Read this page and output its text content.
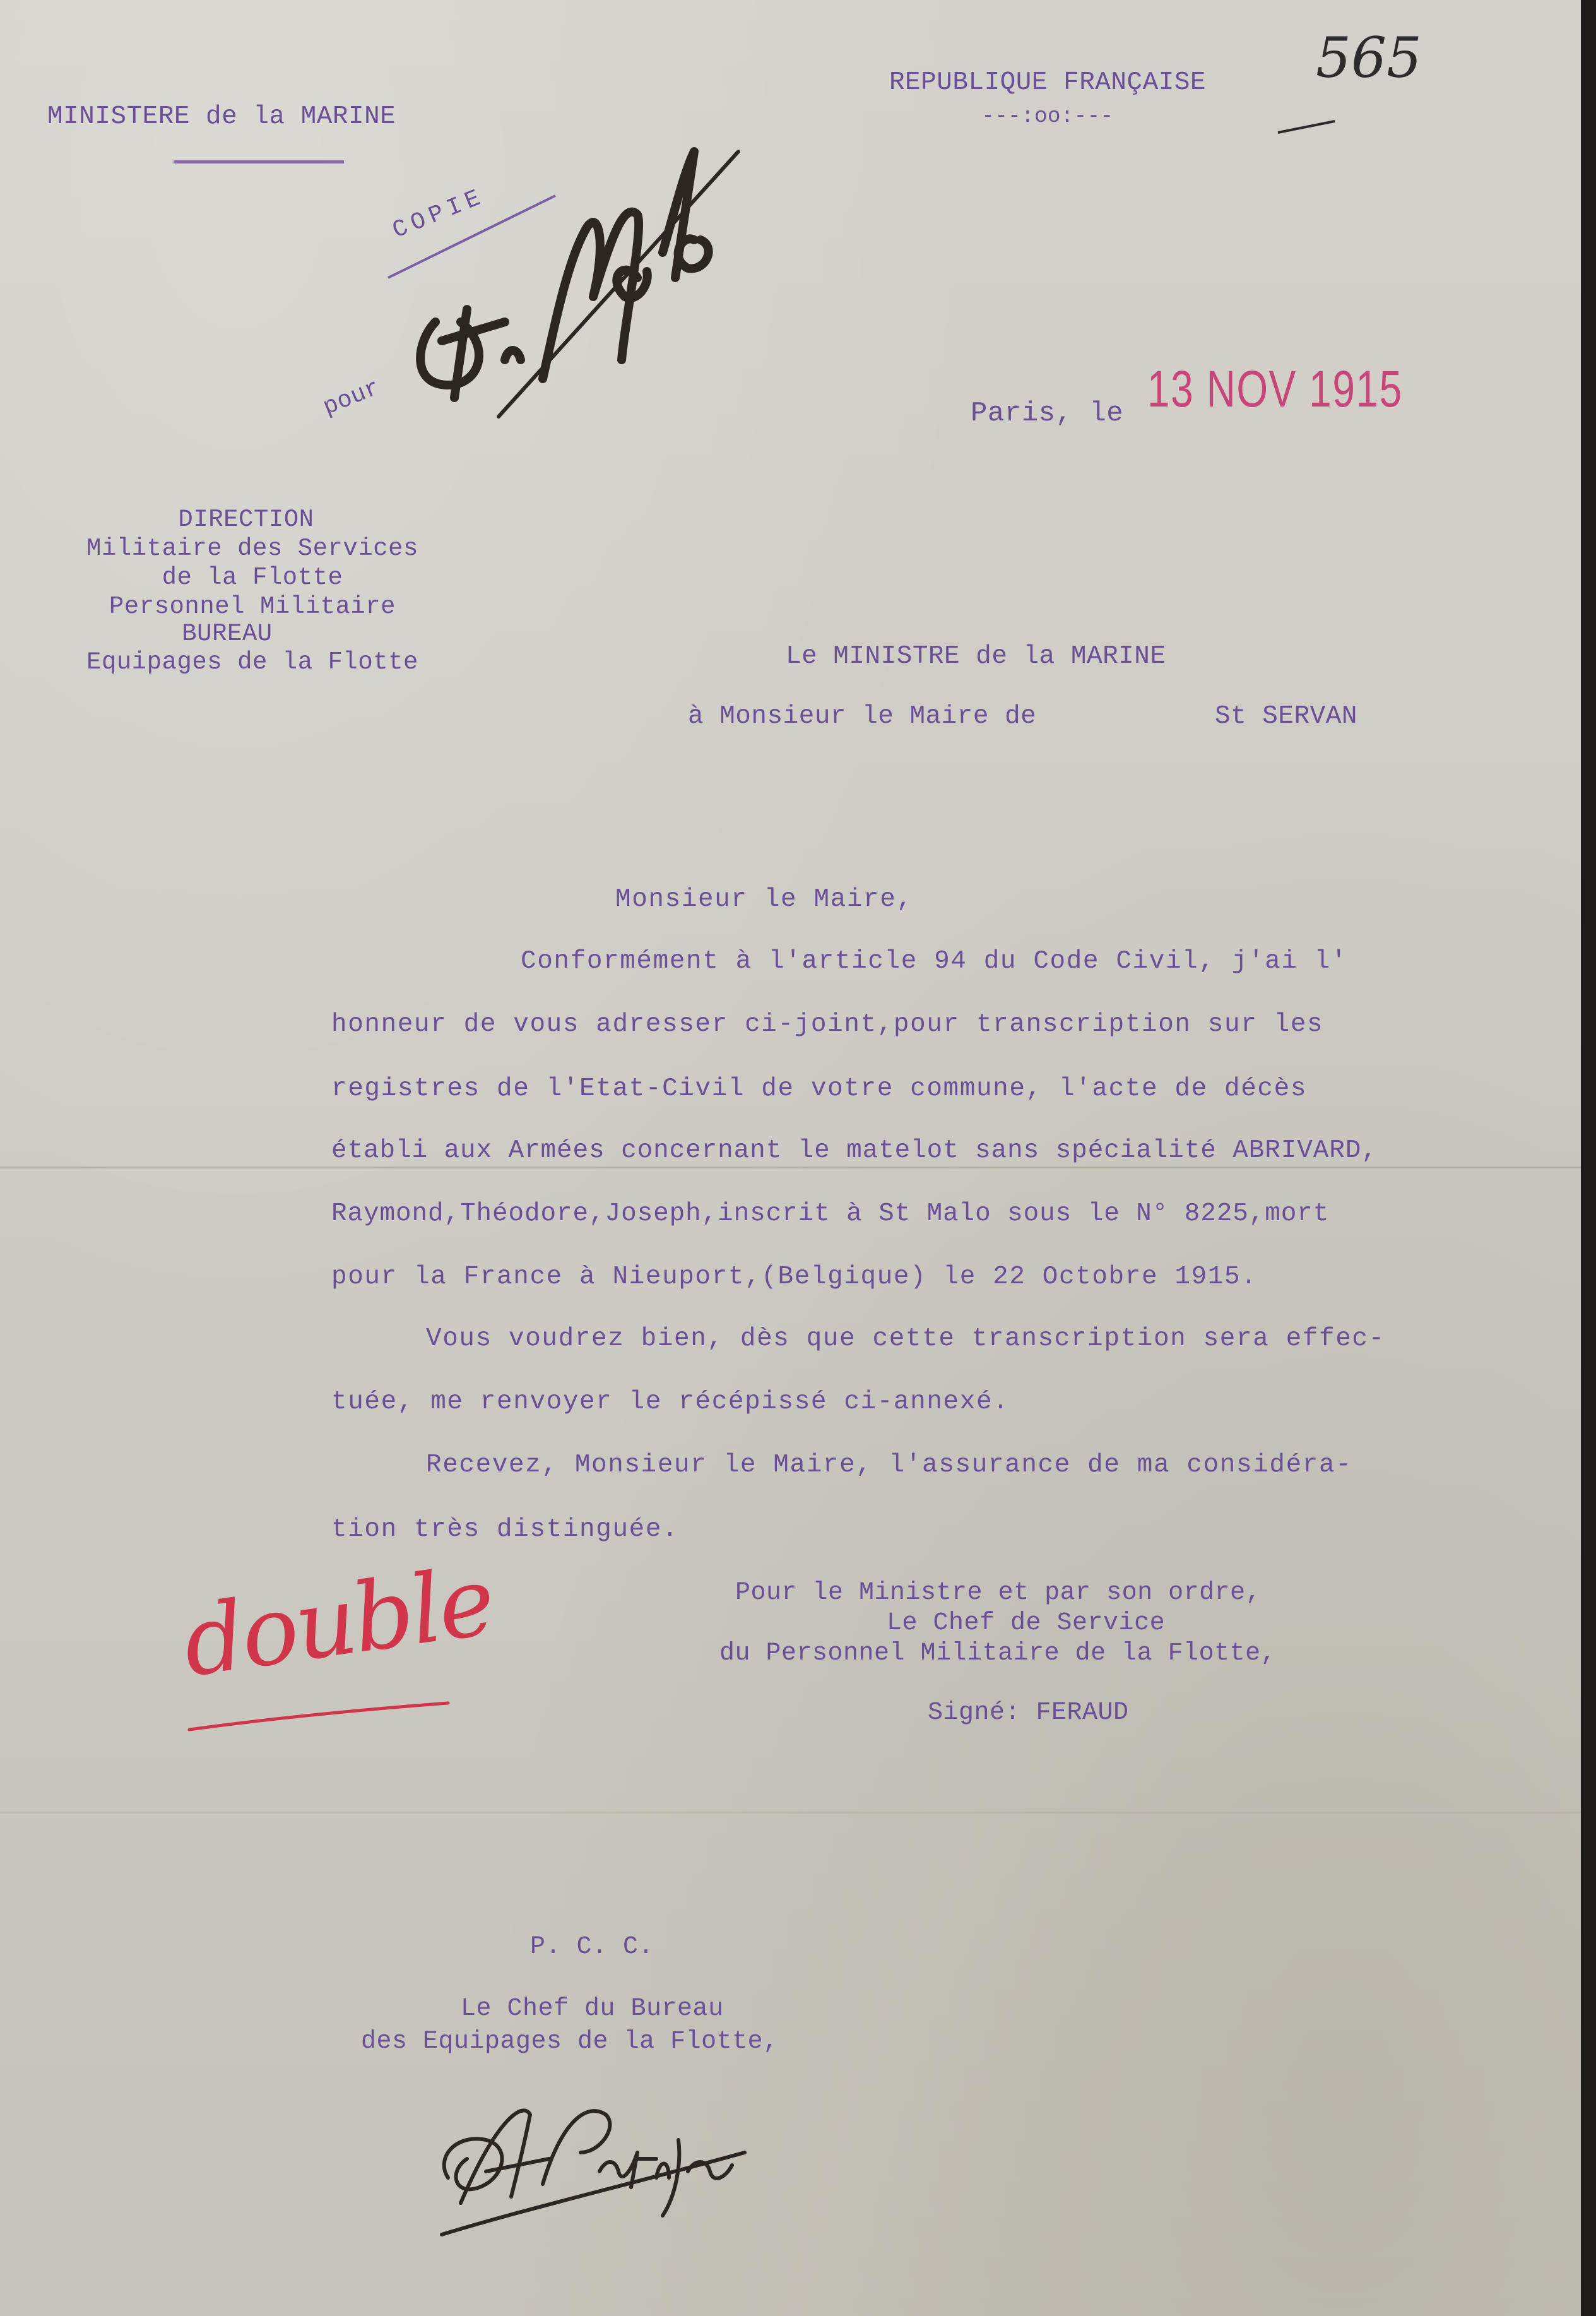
565
MINISTERE de la MARINE
REPUBLIQUE FRANÇAISE
---:oo:---
COPIE
pour
St Malo
Paris, le 13 NOV 1915
DIRECTION
Militaire des Services
de la Flotte
Personnel Militaire
BUREAU
Equipages de la Flotte	Le MINISTRE de la MARINE
à Monsieur le Maire de	St SERVAN
Monsieur le Maire,
Conformément à l'article 94 du Code Civil, j'ai l'
honneur de vous adresser ci-joint,pour transcription sur les
registres de l'Etat-Civil de votre commune, l'acte de décès
établi aux Armées concernant le matelot sans spécialité ABRIVARD,
Raymond,Théodore,Joseph,inscrit à St Malo sous le N° 8225,mort
pour la France à Nieuport,(Belgique) le 22 Octobre 1915.
Vous voudrez bien, dès que cette transcription sera effec-
tuée, me renvoyer le récépissé ci-annexé.
Recevez, Monsieur le Maire, l'assurance de ma considéra-
tion très distinguée.
Pour le Ministre et par son ordre,
Le Chef de Service
du Personnel Militaire de la Flotte,
Signé: FERAUD
double
P. C. C.
Le Chef du Bureau
des Equipages de la Flotte,
APetitjean
